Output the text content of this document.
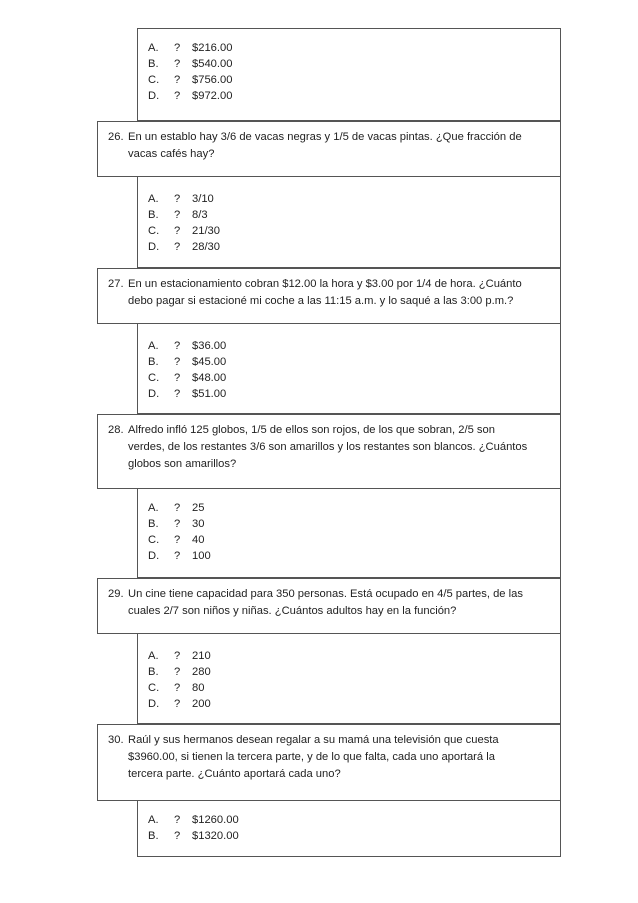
A.	?	$216.00
B.	?	$540.00
C.	?	$756.00
D.	?	$972.00
26. En un establo hay 3/6 de vacas negras y 1/5 de vacas pintas. ¿Que fracción de
vacas cafés hay?
A.	?	3/10
B.	?	8/3
C.	?	21/30
D.	?	28/30
27. En un estacionamiento cobran $12.00 la hora y $3.00 por 1/4 de hora. ¿Cuánto
debo pagar si estacioné mi coche a las 11:15 a.m. y lo saqué a las 3:00 p.m.?
A.	?	$36.00
B.	?	$45.00
C.	?	$48.00
D.	?	$51.00
28. Alfredo infló 125 globos, 1/5 de ellos son rojos, de los que sobran, 2/5 son
verdes, de los restantes 3/6 son amarillos y los restantes son blancos. ¿Cuántos
globos son amarillos?
A.	?	25
B.	?	30
C.	?	40
D.	?	100
29. Un cine tiene capacidad para 350 personas. Está ocupado en 4/5 partes, de las
cuales 2/7 son niños y niñas. ¿Cuántos adultos hay en la función?
A.	?	210
B.	?	280
C.	?	80
D.	?	200
30. Raúl y sus hermanos desean regalar a su mamá una televisión que cuesta
$3960.00, si tienen la tercera parte, y de lo que falta, cada uno aportará la
tercera parte. ¿Cuánto aportará cada uno?
A.	?	$1260.00
B.	?	$1320.00
